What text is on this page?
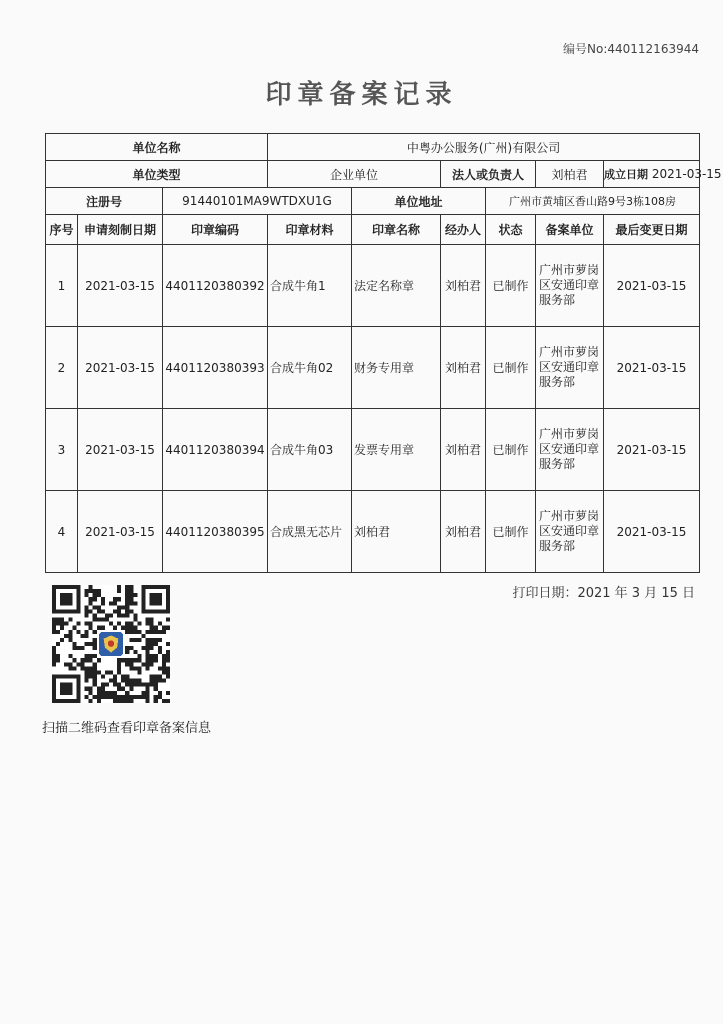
编号No:440112163944
印章备案记录
单位名称			中粤办公服务(广州)有限公司					
单位类型			企业单位		法人或负责人		刘柏君	成立日期 2021-03-15
注册号		91440101MA9WTDXU1G		单位地址		广州市黄埔区香山路9号3栋108房		
序号	申请刻制日期	印章编码	印章材料	印章名称	经办人	状态	备案单位	最后变更日期
1	2021-03-15	4401120380392	合成牛角1	法定名称章	刘柏君	已制作	广州市萝岗区安通印章服务部	2021-03-15
2	2021-03-15	4401120380393	合成牛角02	财务专用章	刘柏君	已制作	广州市萝岗区安通印章服务部	2021-03-15
3	2021-03-15	4401120380394	合成牛角03	发票专用章	刘柏君	已制作	广州市萝岗区安通印章服务部	2021-03-15
4	2021-03-15	4401120380395	合成黑无芯片	刘柏君	刘柏君	已制作	广州市萝岗区安通印章服务部	2021-03-15
打印日期：2021 年 3 月 15 日
扫描二维码查看印章备案信息
